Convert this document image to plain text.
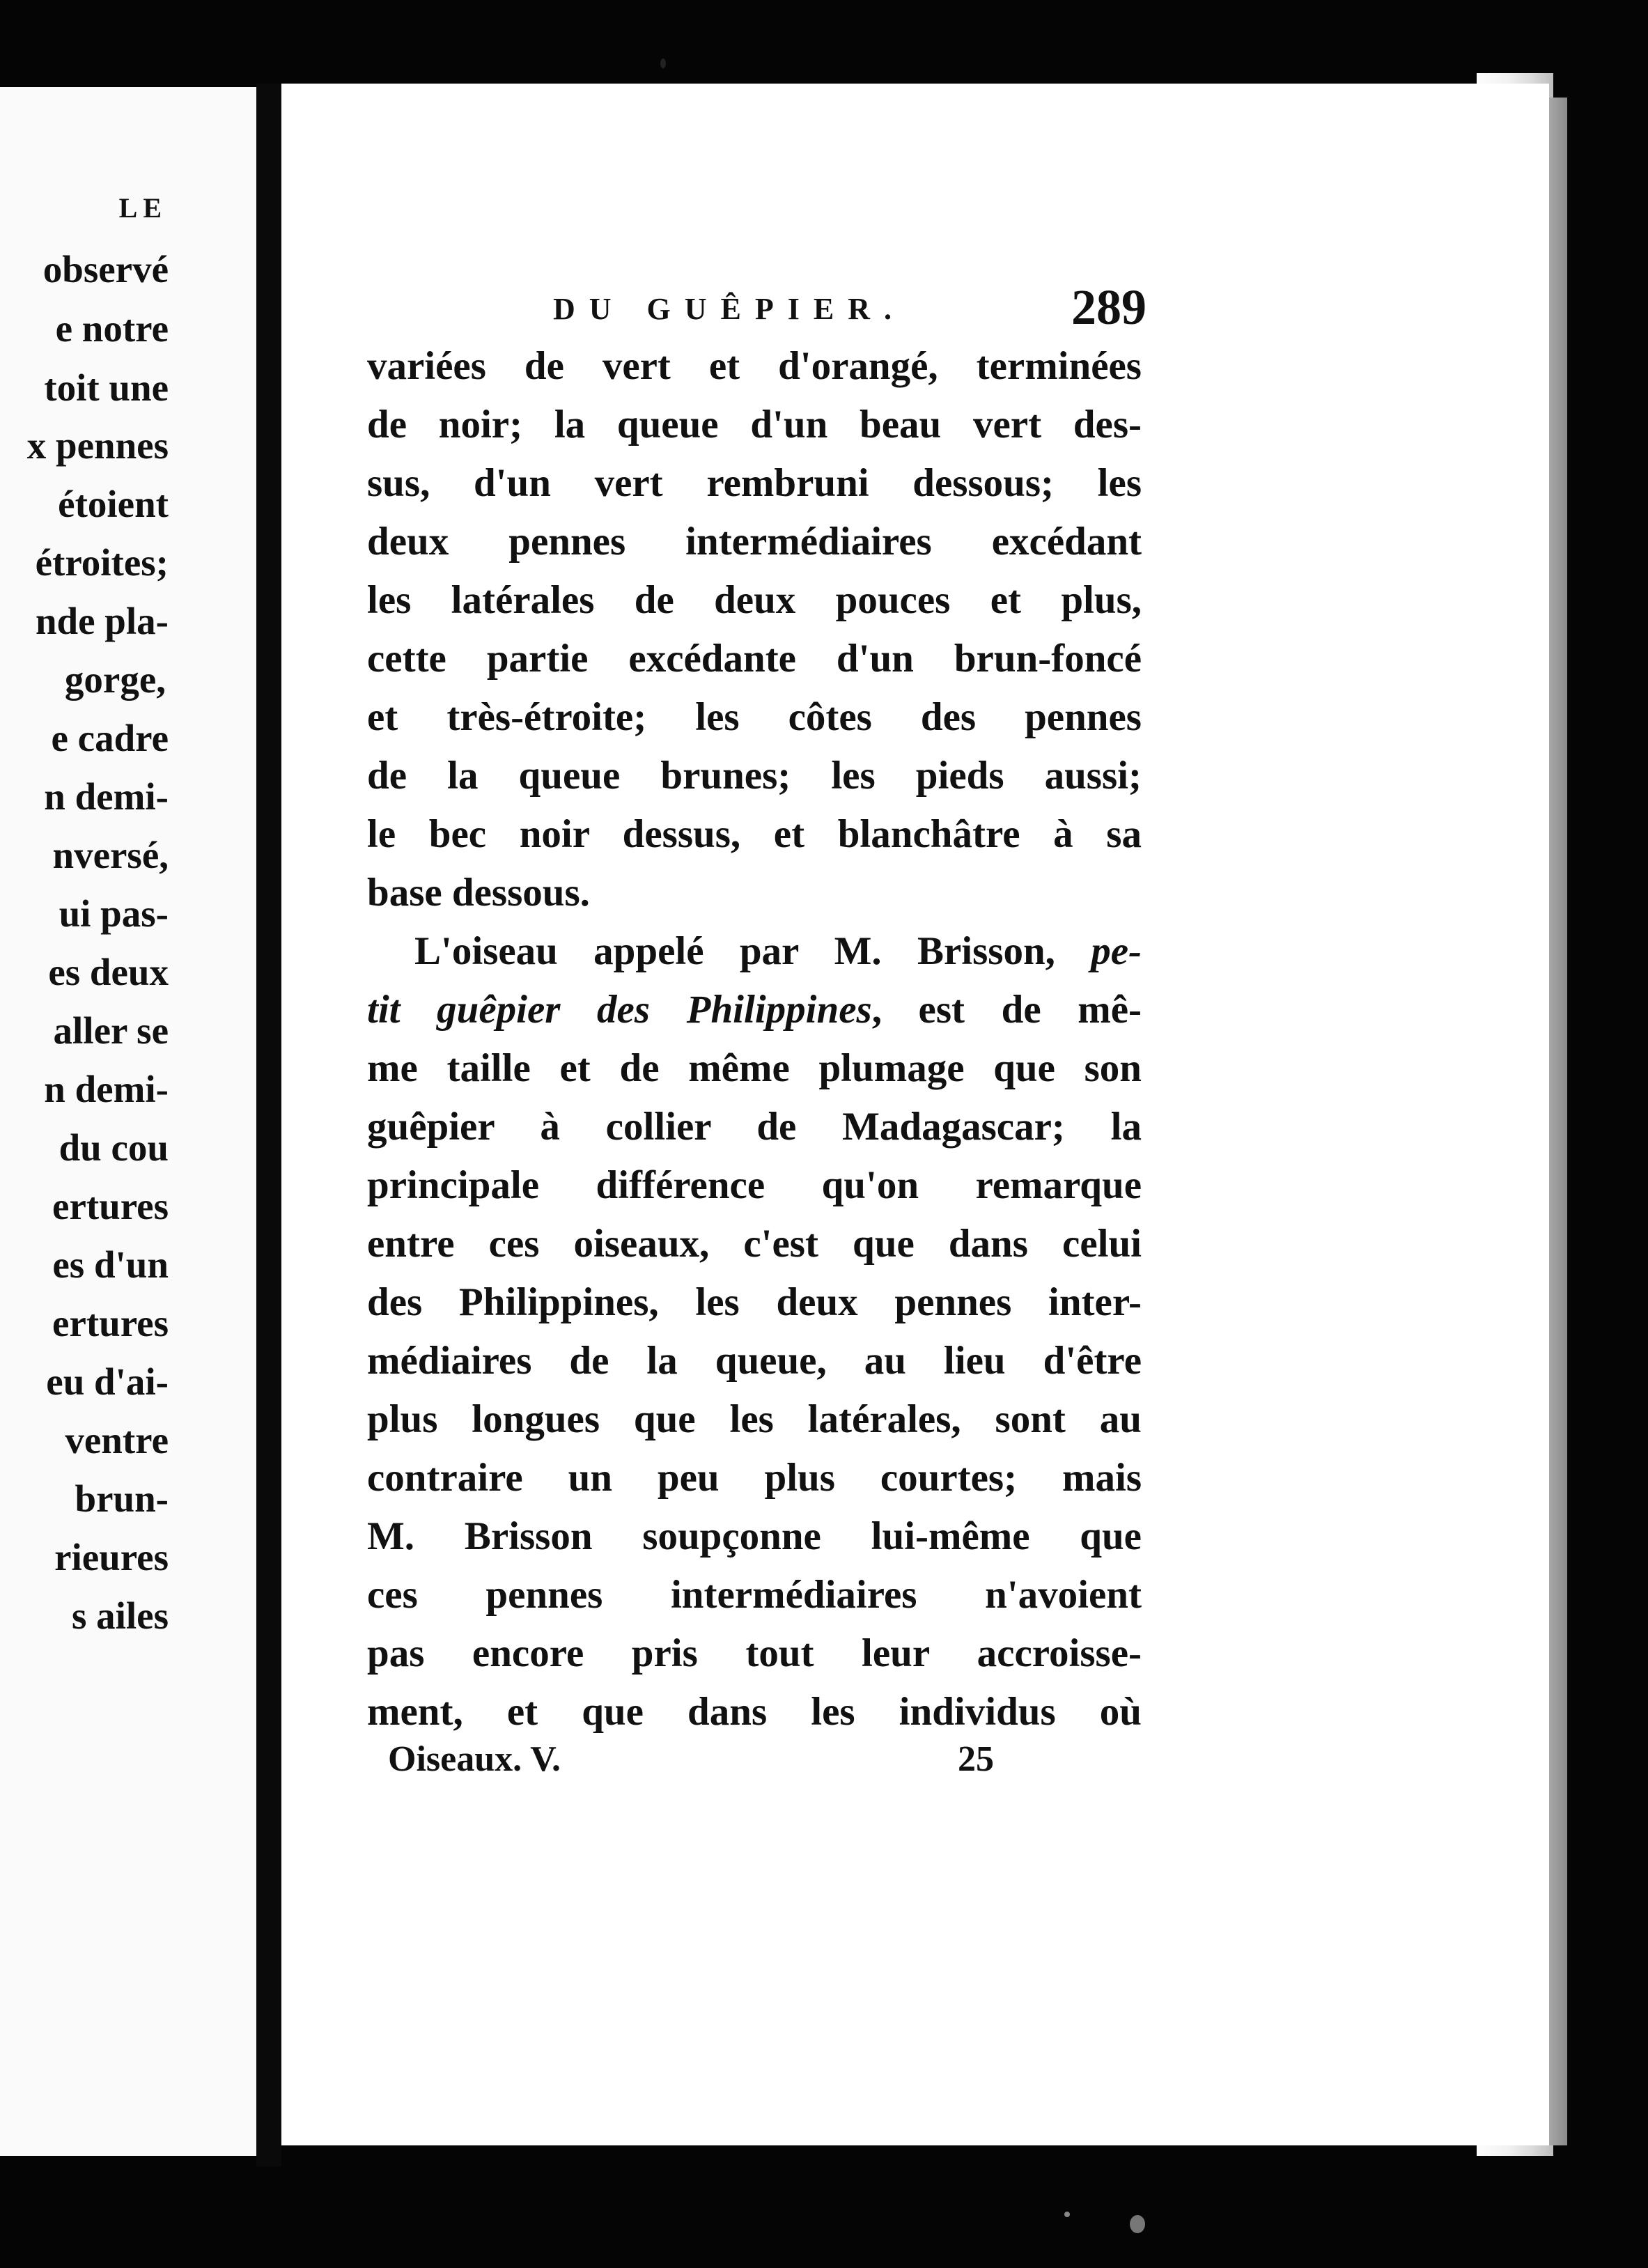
LE
observé
e notre
toit une
x pennes
étoient
étroites;
nde pla-
gorge,
e cadre
n demi-
nversé,
ui pas-
es deux
aller se
n demi-
du cou
ertures
es d'un
ertures
eu d'ai-
ventre
brun-
rieures
s ailes
DU GUÊPIER.	289
variées de vert et d'orangé, terminées
de noir; la queue d'un beau vert des-
sus, d'un vert rembruni dessous; les
deux pennes intermédiaires excédant
les latérales de deux pouces et plus,
cette partie excédante d'un brun-foncé
et très-étroite; les côtes des pennes
de la queue brunes; les pieds aussi;
le bec noir dessus, et blanchâtre à sa
base dessous.
L'oiseau appelé par M. Brisson, pe-
tit guêpier des Philippines, est de mê-
me taille et de même plumage que son
guêpier à collier de Madagascar; la
principale différence qu'on remarque
entre ces oiseaux, c'est que dans celui
des Philippines, les deux pennes inter-
médiaires de la queue, au lieu d'être
plus longues que les latérales, sont au
contraire un peu plus courtes; mais
M. Brisson soupçonne lui-même que
ces pennes intermédiaires n'avoient
pas encore pris tout leur accroisse-
ment, et que dans les individus où
Oiseaux. V.	25
